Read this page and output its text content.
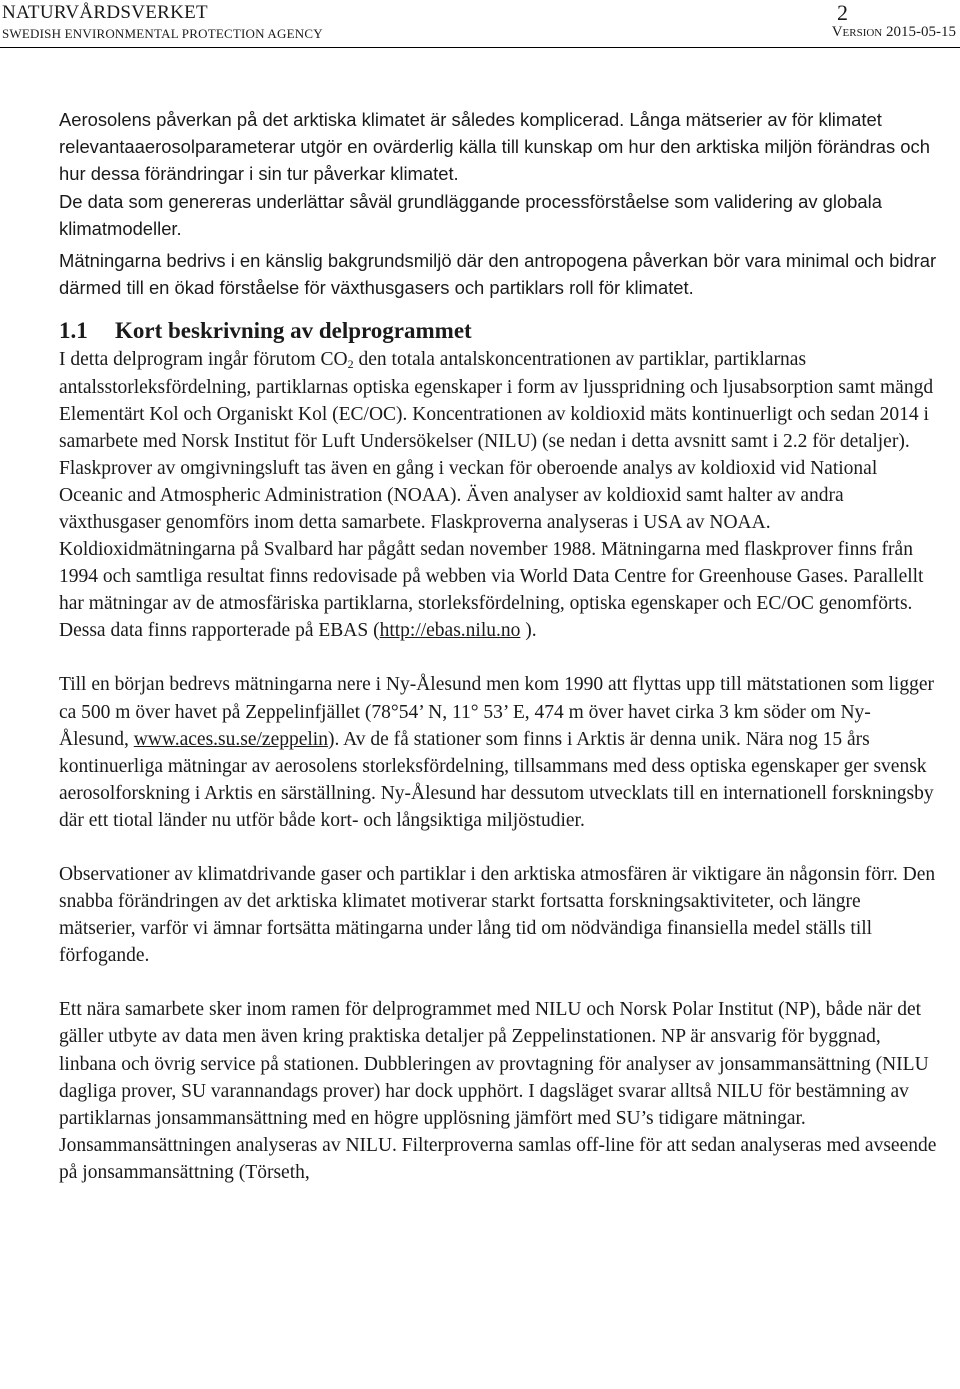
NATURVÅRDSVERKET
SWEDISH ENVIRONMENTAL PROTECTION AGENCY
2
Version 2015-05-15

Aerosolens påverkan på det arktiska klimatet är således komplicerad. Långa mätserier av för klimatet relevantaaerosolparameterar utgör en ovärderlig källa till kunskap om hur den arktiska miljön förändras och hur dessa förändringar i sin tur påverkar klimatet.

De data som genereras underlättar såväl grundläggande processförståelse som validering av globala klimatmodeller.

Mätningarna bedrivs i en känslig bakgrundsmiljö där den antropogena påverkan bör vara minimal och bidrar därmed till en ökad förståelse för växthusgasers och partiklars roll för klimatet.

1.1 Kort beskrivning av delprogrammet

I detta delprogram ingår förutom $CO_2$ den totala antalskoncentrationen av partiklar, partiklarnas antalsstorleksfördelning, partiklarnas optiska egenskaper i form av ljusspridning och ljusabsorption samt mängd Elementärt Kol och Organiskt Kol (EC/OC). Koncentrationen av koldioxid mäts kontinuerligt och sedan 2014 i samarbete med Norsk Institut för Luft Undersökelser (NILU) (se nedan i detta avsnitt samt i 2.2 för detaljer). Flaskprover av omgivningsluft tas även en gång i veckan för oberoende analys av koldioxid vid National Oceanic and Atmospheric Administration (NOAA). Även analyser av koldioxid samt halter av andra växthusgaser genomförs inom detta samarbete. Flaskproverna analyseras i USA av NOAA. Koldioxidmätningarna på Svalbard har pågått sedan november 1988. Mätningarna med flaskprover finns från 1994 och samtliga resultat finns redovisade på webben via World Data Centre for Greenhouse Gases. Parallellt har mätningar av de atmosfäriska partiklarna, storleksfördelning, optiska egenskaper och EC/OC genomförts. Dessa data finns rapporterade på EBAS (http://ebas.nilu.no ).

Till en början bedrevs mätningarna nere i Ny-Ålesund men kom 1990 att flyttas upp till mätstationen som ligger ca 500 m över havet på Zeppelinfjället (78°54’ N, 11° 53’ E, 474 m över havet cirka 3 km söder om Ny-Ålesund, www.aces.su.se/zeppelin). Av de få stationer som finns i Arktis är denna unik. Nära nog 15 års kontinuerliga mätningar av aerosolens storleksfördelning, tillsammans med dess optiska egenskaper ger svensk aerosolforskning i Arktis en särställning. Ny-Ålesund har dessutom utvecklats till en internationell forskningsby där ett tiotal länder nu utför både kort- och långsiktiga miljöstudier.

Observationer av klimatdrivande gaser och partiklar i den arktiska atmosfären är viktigare än någonsin förr. Den snabba förändringen av det arktiska klimatet motiverar starkt fortsatta forskningsaktiviteter, och längre mätserier, varför vi ämnar fortsätta mätingarna under lång tid om nödvändiga finansiella medel ställs till förfogande.

Ett nära samarbete sker inom ramen för delprogrammet med NILU och Norsk Polar Institut (NP), både när det gäller utbyte av data men även kring praktiska detaljer på Zeppelinstationen. NP är ansvarig för byggnad, linbana och övrig service på stationen. Dubbleringen av provtagning för analyser av jonsammansättning (NILU dagliga prover, SU varannandags prover) har dock upphört. I dagsläget svarar alltså NILU för bestämning av partiklarnas jonsammansättning med en högre upplösning jämfört med SU’s tidigare mätningar. Jonsammansättningen analyseras av NILU. Filterproverna samlas off-line för att sedan analyseras med avseende på jonsammansättning (Törseth,
